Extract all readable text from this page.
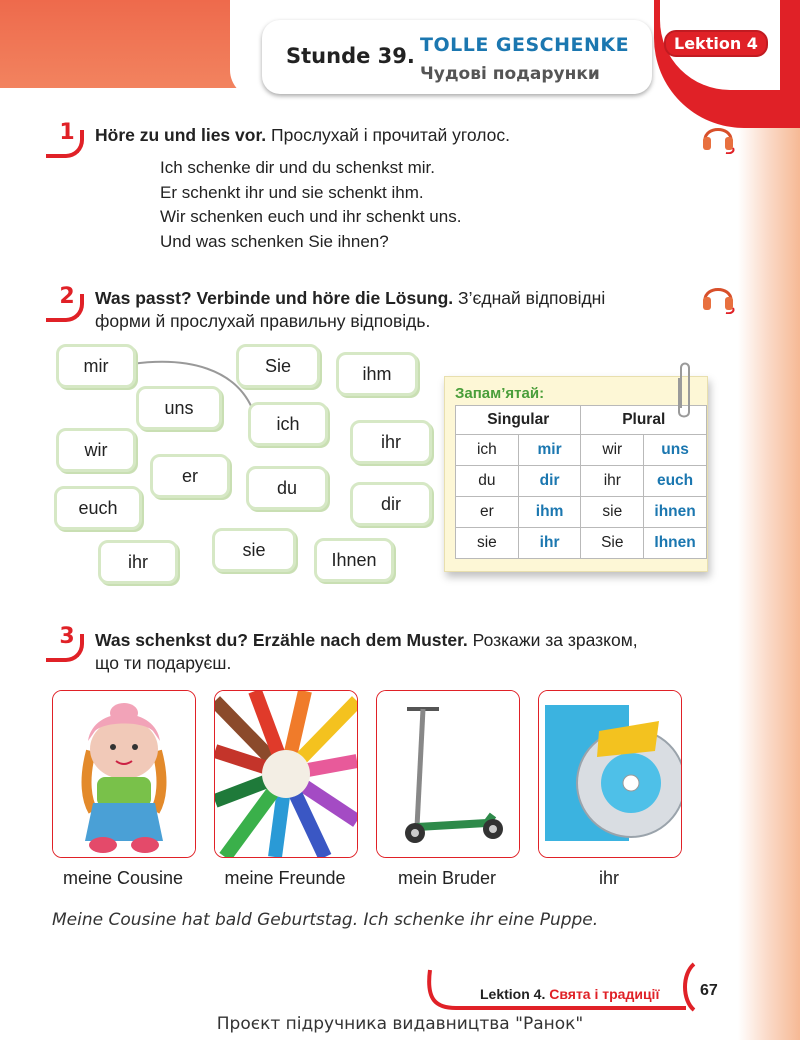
Stunde 39. TOLLE GESCHENKE
Чудові подарунки
Lektion 4
1	Höre zu und lies vor. Прослухай і прочитай уголос.
Ich schenke dir und du schenkst mir.
Er schenkt ihr und sie schenkt ihm.
Wir schenken euch und ihr schenkt uns.
Und was schenken Sie ihnen?
2	Was passt? Verbinde und höre die Lösung. З’єднай відповідні форми й прослухай правильну відповідь.
mir	Sie	ihm
uns
ich
wir	ihr
er
du
euch	dir
ihr
sie	Ihnen
Запам’ятай:
Singular		Plural	
ich	mir	wir	uns
du	dir	ihr	euch
er	ihm	sie	ihnen
sie	ihr	Sie	Ihnen
3	Was schenkst du? Erzähle nach dem Muster. Розкажи за зразком, що ти подаруєш.
meine Cousine	meine Freunde	mein Bruder	ihr
Meine Cousine hat bald Geburtstag. Ich schenke ihr eine Puppe.
Lektion 4. Свята і традиції	67
Проєкт підручника видавництва "Ранок"
